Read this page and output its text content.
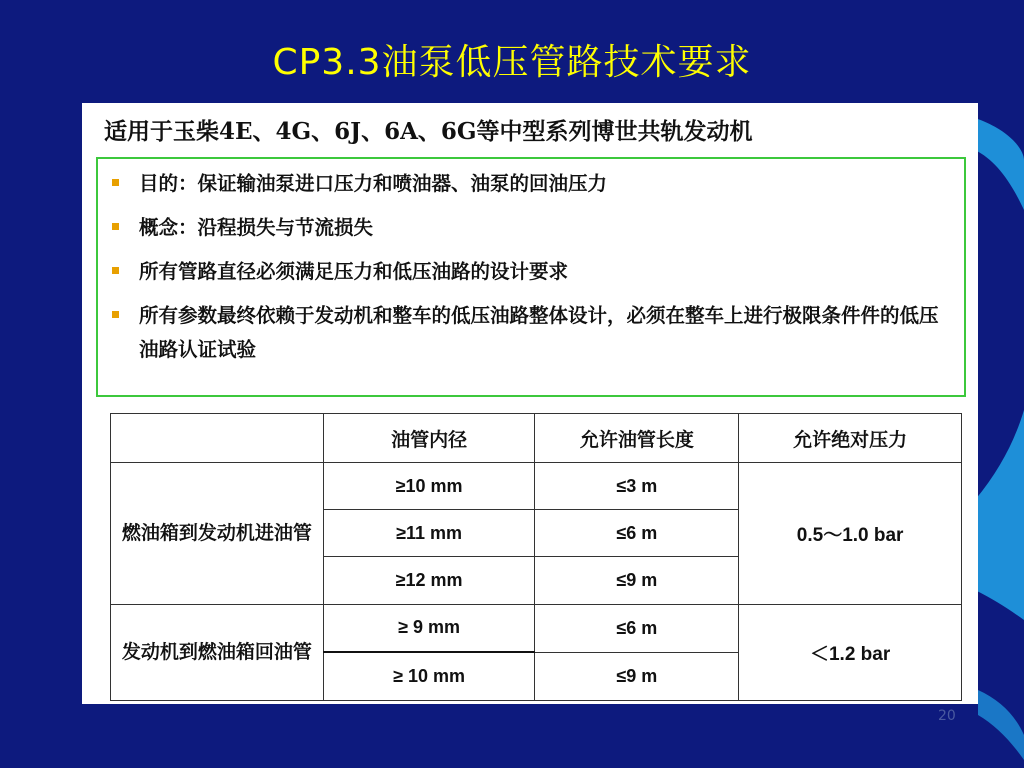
CP3.3油泵低压管路技术要求
适用于玉柴4E、4G、6J、6A、6G等中型系列博世共轨发动机
目的：保证输油泵进口压力和喷油器、油泵的回油压力
概念：沿程损失与节流损失
所有管路直径必须满足压力和低压油路的设计要求
所有参数最终依赖于发动机和整车的低压油路整体设计，必须在整车上进行极限条件件的低压油路认证试验
	油管内径	允许油管长度	允许绝对压力
燃油箱到发动机进油管	≥10 mm	≤3 m	0.5～1.0 bar
	≥11 mm	≤6 m	
	≥12 mm	≤9 m	
发动机到燃油箱回油管	≥ 9 mm	≤6 m	＜1.2 bar
	≥ 10 mm	≤9 m	
20
